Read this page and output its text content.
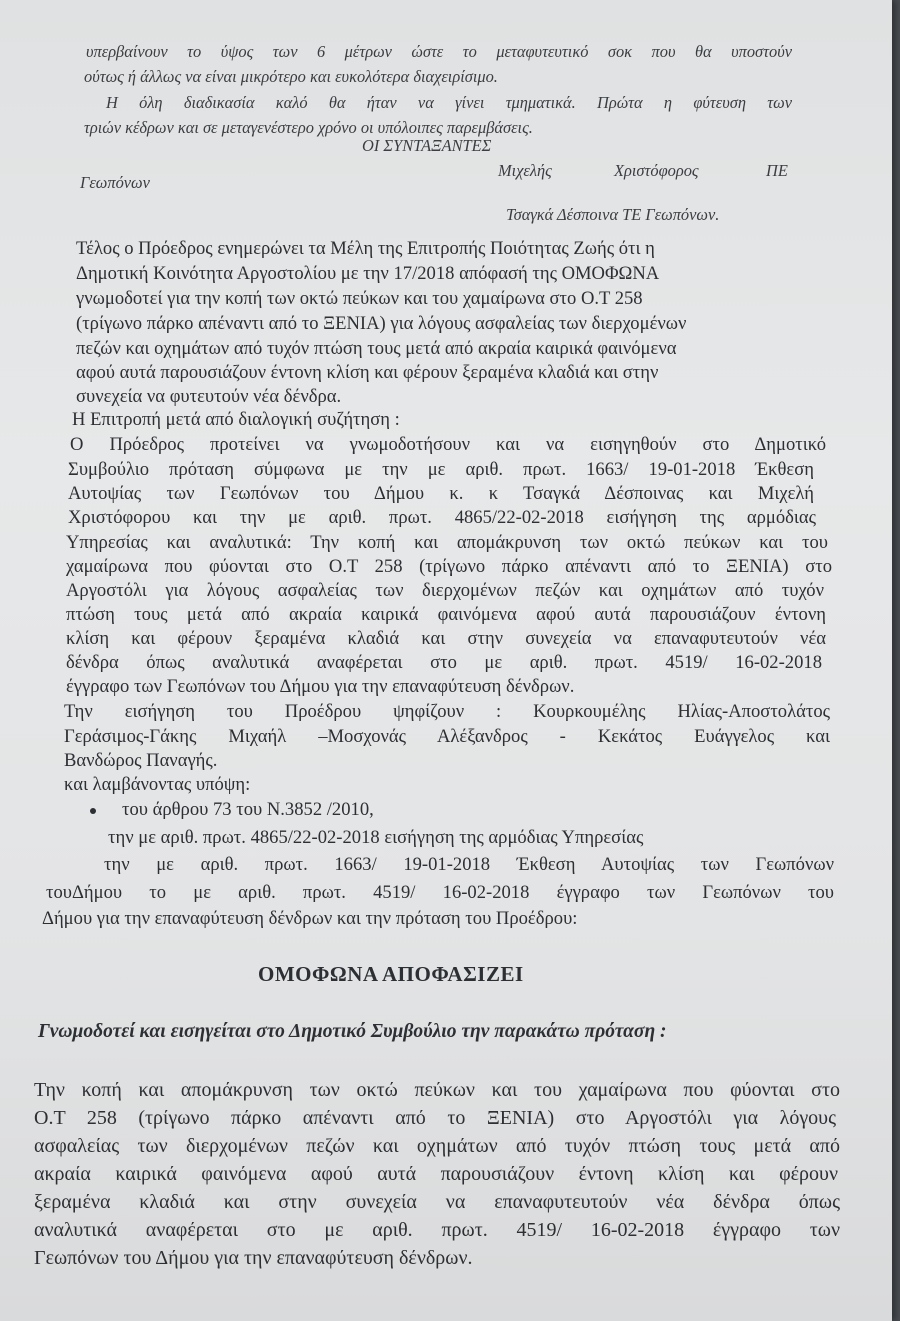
υπερβαίνουν το ύψος των 6 μέτρων ώστε το μεταφυτευτικό σοκ που θα υποστούν
ούτως ή άλλως να είναι μικρότερο και ευκολότερα διαχειρίσιμο.
Η όλη διαδικασία καλό θα ήταν να γίνει τμηματικά. Πρώτα η φύτευση των
τριών κέδρων και σε μεταγενέστερο χρόνο οι υπόλοιπες παρεμβάσεις.
ΟΙ ΣΥΝΤΑΞΑΝΤΕΣ
Γεωπόνων
Μιχελής	Χριστόφορος	ΠΕ
Τσαγκά Δέσποινα ΤΕ Γεωπόνων.
Τέλος ο Πρόεδρος ενημερώνει τα Μέλη της Επιτροπής Ποιότητας Ζωής ότι η
Δημοτική Κοινότητα Αργοστολίου με την 17/2018 απόφασή της ΟΜΟΦΩΝΑ
γνωμοδοτεί για την κοπή των οκτώ πεύκων και του χαμαίρωνα στο Ο.Τ 258
(τρίγωνο πάρκο απέναντι από το ΞΕΝΙΑ) για λόγους ασφαλείας των διερχομένων
πεζών και οχημάτων από τυχόν πτώση τους μετά από ακραία καιρικά φαινόμενα
αφού αυτά παρουσιάζουν έντονη κλίση και φέρουν ξεραμένα κλαδιά και στην
συνεχεία να φυτευτούν νέα δένδρα.
Η Επιτροπή μετά από διαλογική συζήτηση :
Ο Πρόεδρος προτείνει να γνωμοδοτήσουν και να εισηγηθούν στο Δημοτικό
Συμβούλιο πρόταση σύμφωνα με την με αριθ. πρωτ. 1663/ 19-01-2018 Έκθεση
Αυτοψίας των Γεωπόνων του Δήμου κ. κ Τσαγκά Δέσποινας και Μιχελή
Χριστόφορου και την με αριθ. πρωτ. 4865/22-02-2018 εισήγηση της αρμόδιας
Υπηρεσίας και αναλυτικά: Την κοπή και απομάκρυνση των οκτώ πεύκων και του
χαμαίρωνα που φύονται στο Ο.Τ 258 (τρίγωνο πάρκο απέναντι από το ΞΕΝΙΑ) στο
Αργοστόλι για λόγους ασφαλείας των διερχομένων πεζών και οχημάτων από τυχόν
πτώση τους μετά από ακραία καιρικά φαινόμενα αφού αυτά παρουσιάζουν έντονη
κλίση και φέρουν ξεραμένα κλαδιά και στην συνεχεία να επαναφυτευτούν νέα
δένδρα όπως αναλυτικά αναφέρεται στο με αριθ. πρωτ. 4519/ 16-02-2018
έγγραφο των Γεωπόνων του Δήμου για την επαναφύτευση δένδρων.
Την εισήγηση του Προέδρου ψηφίζουν : Κουρκουμέλης Ηλίας-Αποστολάτος
Γεράσιμος-Γάκης Μιχαήλ –Μοσχονάς Αλέξανδρος - Κεκάτος Ευάγγελος και
Βανδώρος Παναγής.
και λαμβάνοντας υπόψη:
του άρθρου 73 του Ν.3852 /2010,
την με αριθ. πρωτ. 4865/22-02-2018 εισήγηση της αρμόδιας Υπηρεσίας
την με αριθ. πρωτ. 1663/ 19-01-2018 Έκθεση Αυτοψίας των Γεωπόνων
τουΔήμου το με αριθ. πρωτ. 4519/ 16-02-2018 έγγραφο των Γεωπόνων του
Δήμου για την επαναφύτευση δένδρων και την πρόταση του Προέδρου:
ΟΜΟΦΩΝΑ ΑΠΟΦΑΣΙΖΕΙ
Γνωμοδοτεί και εισηγείται στο Δημοτικό Συμβούλιο την παρακάτω πρόταση :
Την κοπή και απομάκρυνση των οκτώ πεύκων και του χαμαίρωνα που φύονται στο
Ο.Τ 258 (τρίγωνο πάρκο απέναντι από το ΞΕΝΙΑ) στο Αργοστόλι για λόγους
ασφαλείας των διερχομένων πεζών και οχημάτων από τυχόν πτώση τους μετά από
ακραία καιρικά φαινόμενα αφού αυτά παρουσιάζουν έντονη κλίση και φέρουν
ξεραμένα κλαδιά και στην συνεχεία να επαναφυτευτούν νέα δένδρα όπως
αναλυτικά αναφέρεται στο με αριθ. πρωτ. 4519/ 16-02-2018 έγγραφο των
Γεωπόνων του Δήμου για την επαναφύτευση δένδρων.
